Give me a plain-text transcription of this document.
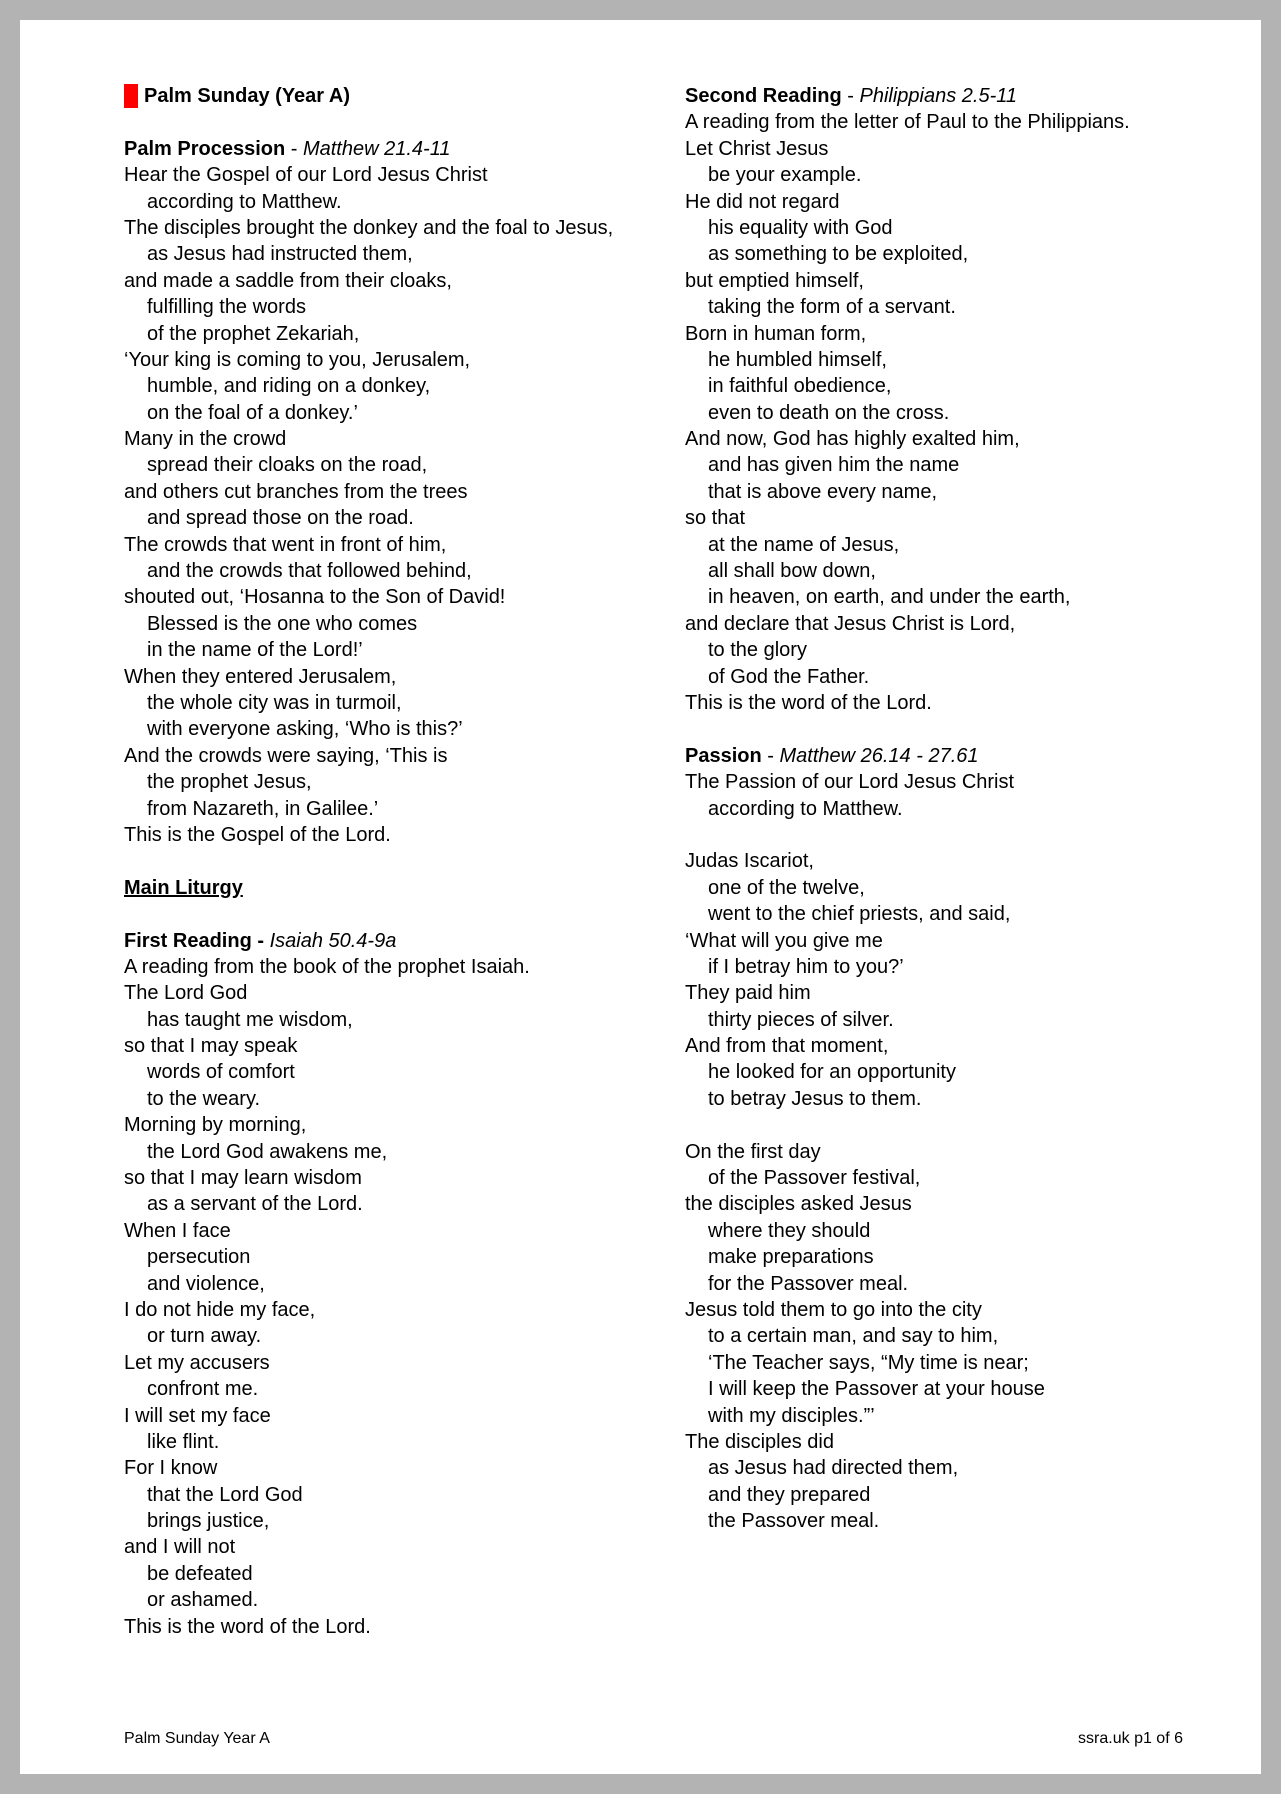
Palm Sunday (Year A)
Palm Procession - Matthew 21.4-11
Hear the Gospel of our Lord Jesus Christ
according to Matthew.
The disciples brought the donkey and the foal to Jesus,
as Jesus had instructed them,
and made a saddle from their cloaks,
fulfilling the words
of the prophet Zekariah,
‘Your king is coming to you, Jerusalem,
humble, and riding on a donkey,
on the foal of a donkey.’
Many in the crowd
spread their cloaks on the road,
and others cut branches from the trees
and spread those on the road.
The crowds that went in front of him,
and the crowds that followed behind,
shouted out, ‘Hosanna to the Son of David!
Blessed is the one who comes
in the name of the Lord!’
When they entered Jerusalem,
the whole city was in turmoil,
with everyone asking, ‘Who is this?’
And the crowds were saying, ‘This is
the prophet Jesus,
from Nazareth, in Galilee.’
This is the Gospel of the Lord.
Main Liturgy
First Reading - Isaiah 50.4-9a
A reading from the book of the prophet Isaiah.
The Lord God
has taught me wisdom,
so that I may speak
words of comfort
to the weary.
Morning by morning,
the Lord God awakens me,
so that I may learn wisdom
as a servant of the Lord.
When I face
persecution
and violence,
I do not hide my face,
or turn away.
Let my accusers
confront me.
I will set my face
like flint.
For I know
that the Lord God
brings justice,
and I will not
be defeated
or ashamed.
This is the word of the Lord.
Second Reading - Philippians 2.5-11
A reading from the letter of Paul to the Philippians.
Let Christ Jesus
be your example.
He did not regard
his equality with God
as something to be exploited,
but emptied himself,
taking the form of a servant.
Born in human form,
he humbled himself,
in faithful obedience,
even to death on the cross.
And now, God has highly exalted him,
and has given him the name
that is above every name,
so that
at the name of Jesus,
all shall bow down,
in heaven, on earth, and under the earth,
and declare that Jesus Christ is Lord,
to the glory
of God the Father.
This is the word of the Lord.
Passion - Matthew 26.14 - 27.61
The Passion of our Lord Jesus Christ
according to Matthew.
Judas Iscariot,
one of the twelve,
went to the chief priests, and said,
‘What will you give me
if I betray him to you?’
They paid him
thirty pieces of silver.
And from that moment,
he looked for an opportunity
to betray Jesus to them.
On the first day
of the Passover festival,
the disciples asked Jesus
where they should
make preparations
for the Passover meal.
Jesus told them to go into the city
to a certain man, and say to him,
‘The Teacher says, “My time is near;
I will keep the Passover at your house
with my disciples.”’
The disciples did
as Jesus had directed them,
and they prepared
the Passover meal.
Palm Sunday Year A	ssra.uk p1 of 6
